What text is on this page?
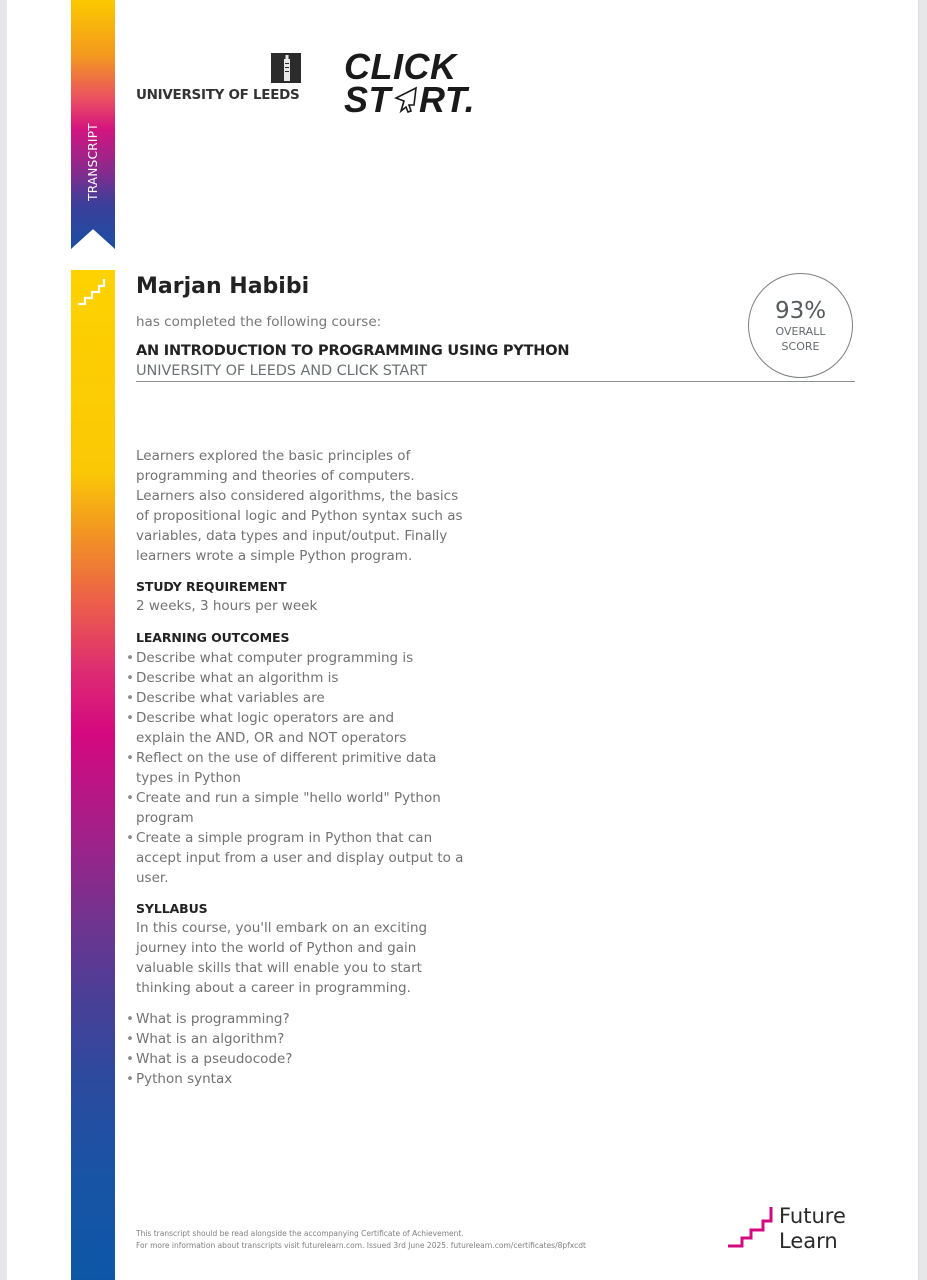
TRANSCRIPT
UNIVERSITY OF LEEDS
CLICK
ST RT.
Marjan Habibi
has completed the following course:
AN INTRODUCTION TO PROGRAMMING USING PYTHON
UNIVERSITY OF LEEDS AND CLICK START
93%
OVERALL
SCORE
Learners explored the basic principles of programming and theories of computers. Learners also considered algorithms, the basics of propositional logic and Python syntax such as variables, data types and input/output. Finally learners wrote a simple Python program.
STUDY REQUIREMENT
2 weeks, 3 hours per week
LEARNING OUTCOMES
• Describe what computer programming is
• Describe what an algorithm is
• Describe what variables are
• Describe what logic operators are and explain the AND, OR and NOT operators
• Reflect on the use of different primitive data types in Python
• Create and run a simple "hello world" Python program
• Create a simple program in Python that can accept input from a user and display output to a user.
SYLLABUS
In this course, you'll embark on an exciting journey into the world of Python and gain valuable skills that will enable you to start thinking about a career in programming.
• What is programming?
• What is an algorithm?
• What is a pseudocode?
• Python syntax
This transcript should be read alongside the accompanying Certificate of Achievement.
For more information about transcripts visit futurelearn.com. Issued 3rd June 2025. futurelearn.com/certificates/8pfxcdt
Future
Learn
